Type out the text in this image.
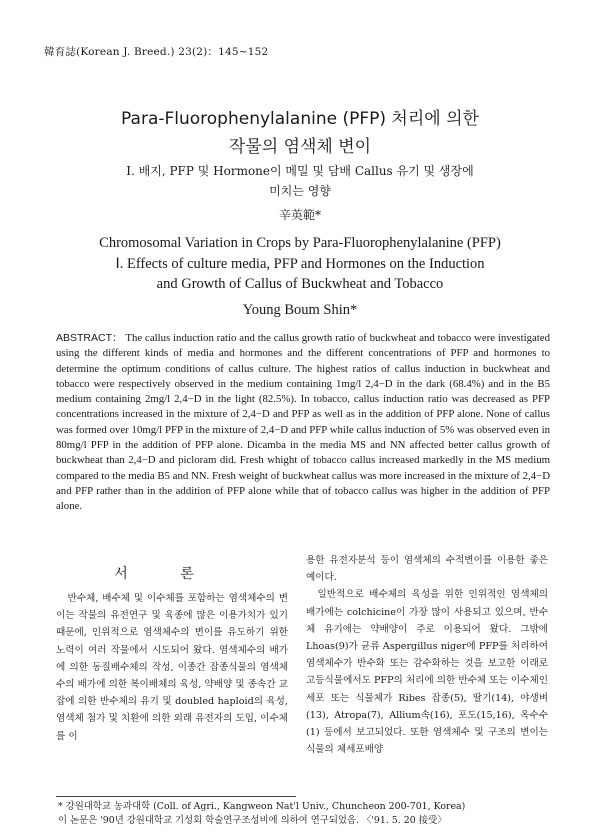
韓育誌(Korean J. Breed.) 23(2)：145∼152
Para-Fluorophenylalanine (PFP) 처리에 의한
작물의 염색체 변이
Ⅰ. 배지, PFP 및 Hormone이 메밀 및 담배 Callus 유기 및 생장에
미치는 영향
辛英範*
Chromosomal Variation in Crops by Para-Fluorophenylalanine (PFP)
Ⅰ. Effects of culture media, PFP and Hormones on the Induction
and Growth of Callus of Buckwheat and Tobacco
Young Boum Shin*
ABSTRACT： The callus induction ratio and the callus growth ratio of buckwheat and tobacco were investigated using the different kinds of media and hormones and the different concentrations of PFP and hormones to determine the optimum conditions of callus culture. The highest ratios of callus induction in buckwheat and tobacco were respectively observed in the medium containing 1mg/l 2,4−D in the dark (68.4%) and in the B5 medium containing 2mg/l 2,4−D in the light (82.5%). In tobacco, callus induction ratio was decreased as PFP concentrations increased in the mixture of 2,4−D and PFP as well as in the addition of PFP alone. None of callus was formed over 10mg/l PFP in the mixture of 2,4−D and PFP while callus induction of 5% was observed even in 80mg/l PFP in the addition of PFP alone. Dicamba in the media MS and NN affected better callus growth of buckwheat than 2,4−D and picloram did. Fresh whight of tobacco callus increased markedly in the MS medium compared to the media B5 and NN. Fresh weight of buckwheat callus was more increased in the mixture of 2,4−D and PFP rather than in the addition of PFP alone while that of tobacco callus was higher in the addition of PFP alone.
서 론

반수체, 배수체 및 이수체를 포함하는 염색체수의 변이는 작물의 유전연구 및 육종에 많은 이용가치가 있기 때문에, 인위적으로 염색체수의 변이를 유도하기 위한 노력이 여러 작물에서 시도되어 왔다. 염색체수의 배가에 의한 동질배수체의 작성, 이종간 잡종식물의 염색체수의 배가에 의한 복이배체의 육성, 약배양 및 종속간 교잡에 의한 반수체의 유기 및 doubled haploid의 육성, 염색체 첨가 및 치환에 의한 외래 유전자의 도입, 이수체를 이

용한 유전자분석 등이 염색체의 수적변이를 이용한 좋은 예이다.

일반적으로 배수체의 육성을 위한 인위적인 염색체의 배가에는 colchicine이 가장 많이 사용되고 있으며, 반수체 유기에는 약배양이 주로 이용되어 왔다. 그밖에 Lhoas(9)가 균류 Aspergillus niger에 PFP를 처리하여 염색체수가 반수화 또는 감수화하는 것을 보고한 이래로 고등식물에서도 PFP의 처리에 의한 반수체 또는 이수체인 세포 또는 식물체가 Ribes 잡종(5), 딸기(14), 야생벼(13), Atropa(7), Allium속(16), 포도(15,16), 옥수수(1) 등에서 보고되었다. 또한 염색체수 및 구조의 변이는 식물의 체세포배양

* 강원대학교 농과대학 (Coll. of Agri., Kangweon Nat'l Univ., Chuncheon 200-701, Korea)
이 논문은 '90년 강원대학교 기성회 학술연구조성비에 의하여 연구되었음. 〈'91. 5. 20 接受〉
